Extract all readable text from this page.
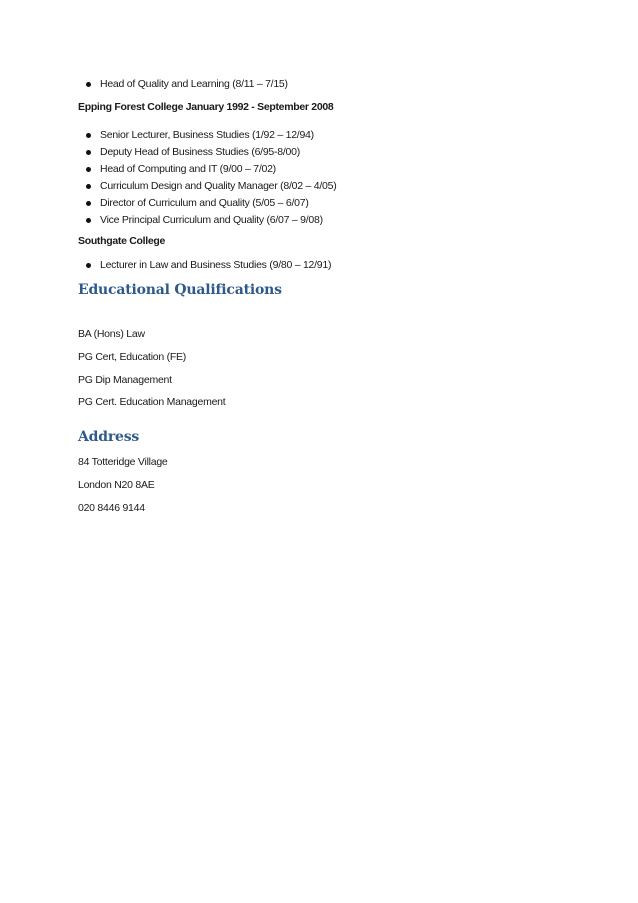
Head of Quality and Learning (8/11 – 7/15)
Epping Forest College January 1992 - September 2008
Senior Lecturer, Business Studies (1/92 – 12/94)
Deputy Head of Business Studies (6/95-8/00)
Head of Computing and IT (9/00 – 7/02)
Curriculum Design and Quality Manager (8/02 – 4/05)
Director of Curriculum and Quality (5/05 – 6/07)
Vice Principal Curriculum and Quality (6/07 – 9/08)
Southgate College
Lecturer in Law and Business Studies (9/80 – 12/91)
Educational Qualifications
BA (Hons) Law
PG Cert, Education (FE)
PG Dip Management
PG Cert. Education Management
Address
84 Totteridge Village
London N20 8AE
020 8446 9144
